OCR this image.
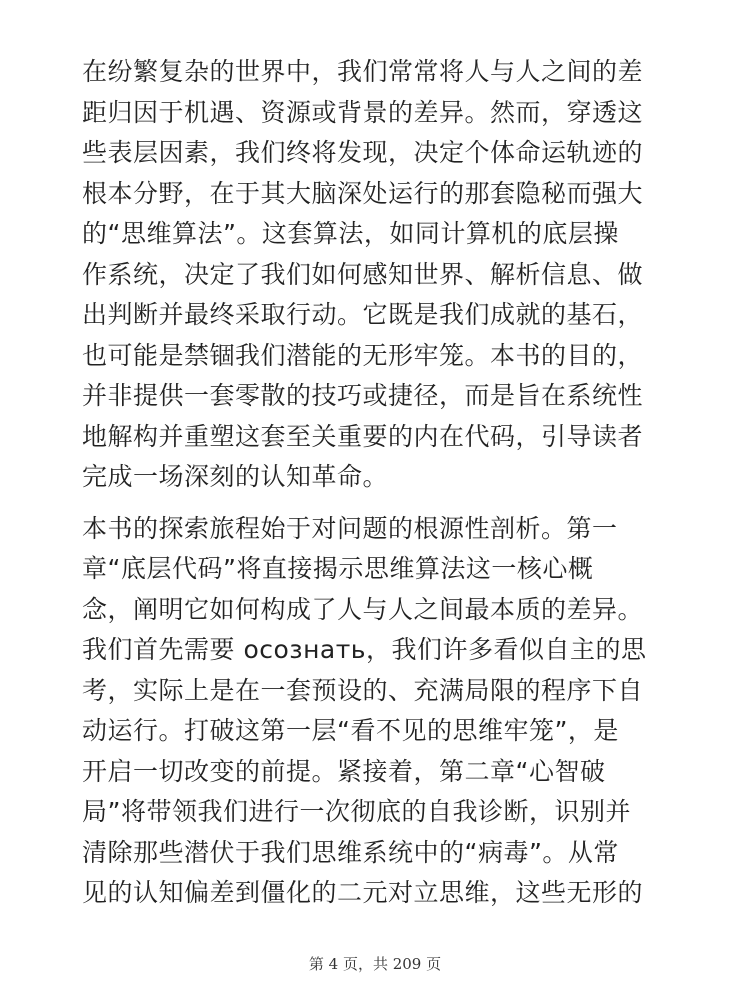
在纷繁复杂的世界中，我们常常将人与人之间的差
距归因于机遇、资源或背景的差异。然而，穿透这
些表层因素，我们终将发现，决定个体命运轨迹的
根本分野，在于其大脑深处运行的那套隐秘而强大
的“思维算法”。这套算法，如同计算机的底层操
作系统，决定了我们如何感知世界、解析信息、做
出判断并最终采取行动。它既是我们成就的基石，
也可能是禁锢我们潜能的无形牢笼。本书的目的，
并非提供一套零散的技巧或捷径，而是旨在系统性
地解构并重塑这套至关重要的内在代码，引导读者
完成一场深刻的认知革命。

本书的探索旅程始于对问题的根源性剖析。第一
章“底层代码”将直接揭示思维算法这一核心概
念，阐明它如何构成了人与人之间最本质的差异。
我们首先需要 осознать，我们许多看似自主的思
考，实际上是在一套预设的、充满局限的程序下自
动运行。打破这第一层“看不见的思维牢笼”，是
开启一切改变的前提。紧接着，第二章“心智破
局”将带领我们进行一次彻底的自我诊断，识别并
清除那些潜伏于我们思维系统中的“病毒”。从常
见的认知偏差到僵化的二元对立思维，这些无形的

第 4 页，共 209 页
